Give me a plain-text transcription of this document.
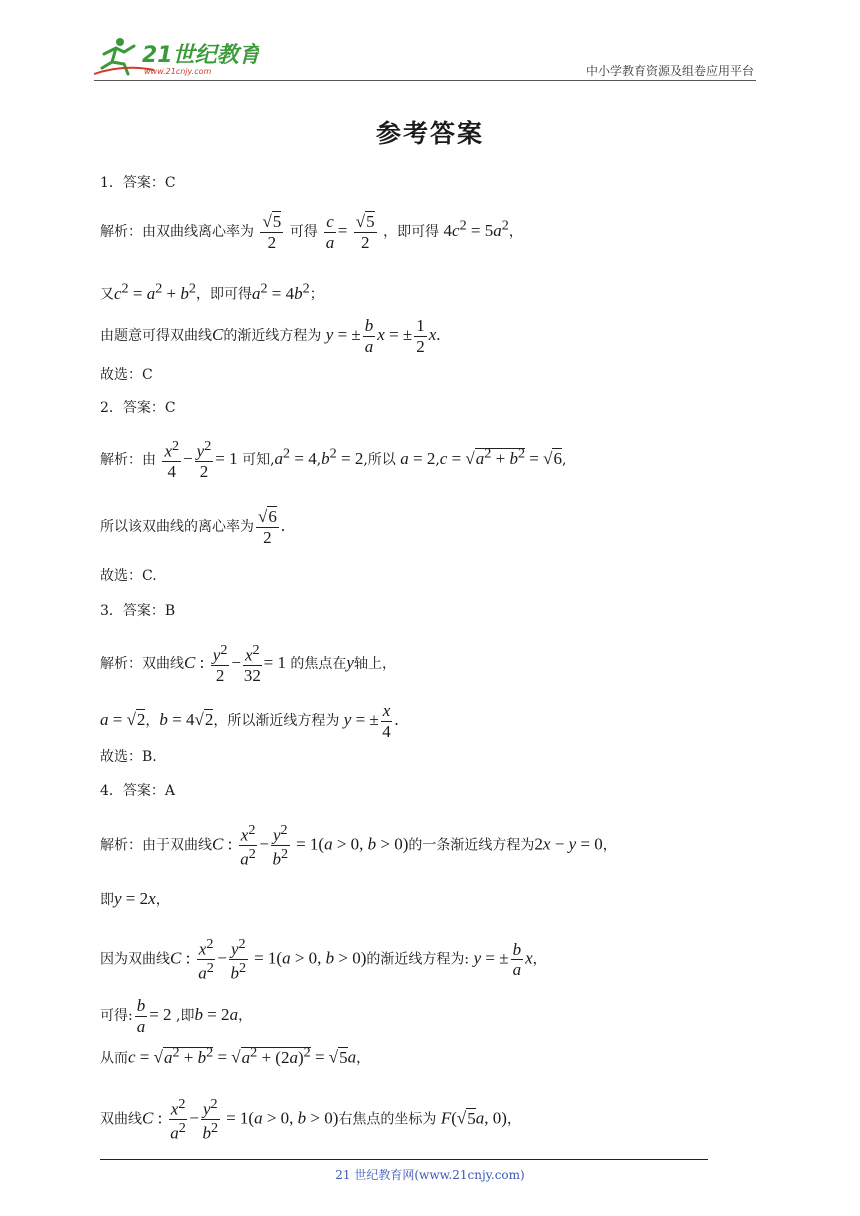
21世纪教育
www.21cnjy.com	中小学教育资源及组卷应用平台
参考答案
1．答案：C
解析：由双曲线离心率为 $\frac{√5}{2}$ 可得 $\frac{c}{a} = \frac{√5}{2}$ ，即可得 $4c^2 = 5a^2$，
又$c^2 = a^2 + b^2$，即可得$a^2 = 4b^2$；
由题意可得双曲线C的渐近线方程为 y = ± $\frac{b}{a}$ x = ± $\frac{1}{2} x$.
故选：C
2．答案：C
解析：由 $\frac{x^2}{4} - \frac{y^2}{2} = 1$ 可知$,a^2 = 4,b^2 = 2$,所以 $a = 2,c = √a^2 + b^2 = √6$,
所以该双曲线的离心率为 $\frac{√6}{2}$ .
故选：C.
3．答案：B
解析：双曲线C : $\frac{y^2}{2} - \frac{x^2}{32} = 1$ 的焦点在y轴上，
a = √2，b = 4√2，所以渐近线方程为 y = ± $\frac{x}{4}$ .
故选：B.
4．答案：A
解析：由于双曲线C : $\frac{x^2}{a^2} - \frac{y^2}{b^2} = 1(a > 0$, b > 0)的一条渐近线方程为2x − y = 0，
即y = 2x，
因为双曲线C : $\frac{x^2}{a^2} - \frac{y^2}{b^2} = 1(a > 0$, b > 0)的渐近线方程为: y = ± $\frac{b}{a}$ x，
可得: $\frac{b}{a} = 2$ ,即b = 2a，
从而$c = √a^2 + b^2 = √a^2 + (2a)^2 = √5a$，
双曲线C : $\frac{x^2}{a^2} - \frac{y^2}{b^2} = 1(a > 0$, b > 0)右焦点的坐标为 F(√5a, 0)，
21 世纪教育网(www.21cnjy.com)
